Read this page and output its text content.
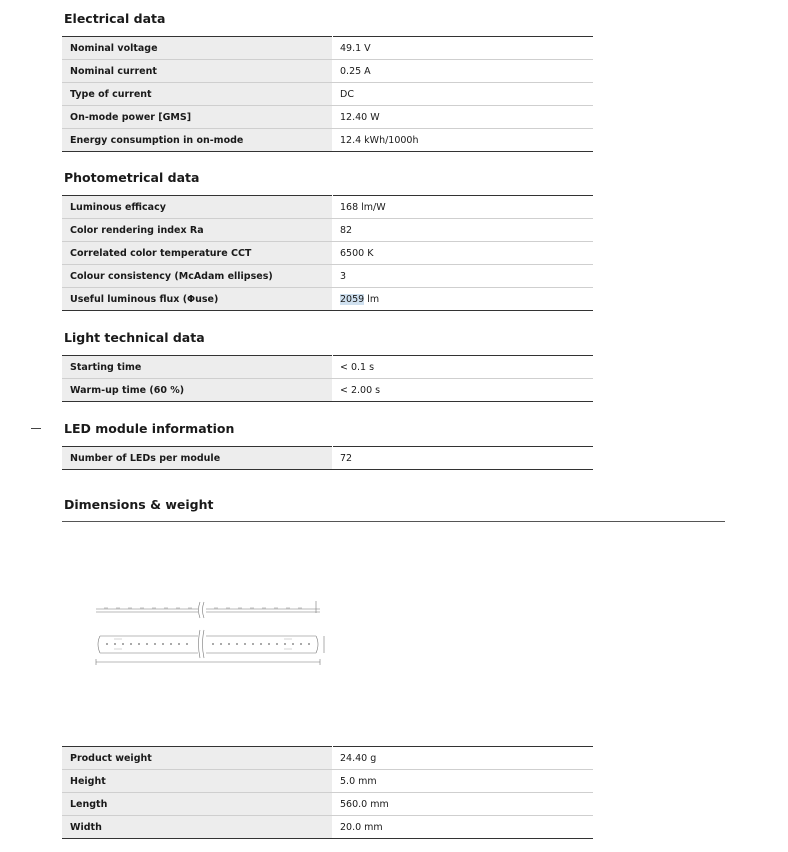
Electrical data
Nominal voltage	49.1 V
Nominal current	0.25 A
Type of current	DC
On-mode power [GMS]	12.40 W
Energy consumption in on-mode	12.4 kWh/1000h
Photometrical data
Luminous efficacy	168 lm/W
Color rendering index Ra	82
Correlated color temperature CCT	6500 K
Colour consistency (McAdam ellipses)	3
Useful luminous flux (Φuse)	2059 lm
Light technical data
Starting time	< 0.1 s
Warm-up time (60 %)	< 2.00 s
LED module information
Number of LEDs per module	72
Dimensions & weight
Product weight	24.40 g
Height	5.0 mm
Length	560.0 mm
Width	20.0 mm
